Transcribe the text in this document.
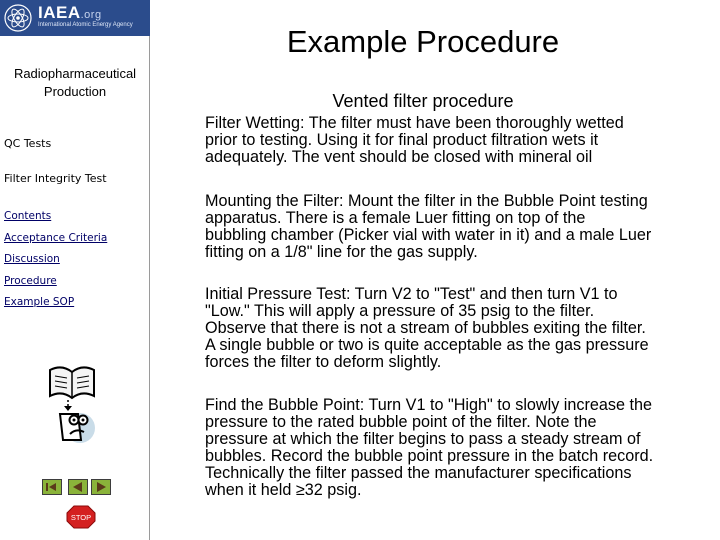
IAEA.org
International Atomic Energy Agency
Radiopharmaceutical
Production
QC Tests
Filter Integrity Test
Contents
Acceptance Criteria
Discussion
Procedure
Example SOP
STOP
Example Procedure
Vented filter procedure
Filter Wetting: The filter must have been thoroughly wetted
prior to testing. Using it for final product filtration wets it
adequately. The vent should be closed with mineral oil
Mounting the Filter: Mount the filter in the Bubble Point testing
apparatus. There is a female Luer fitting on top of the
bubbling chamber (Picker vial with water in it) and a male Luer
fitting on a 1/8" line for the gas supply.
Initial Pressure Test: Turn V2 to "Test" and then turn V1 to
"Low." This will apply a pressure of 35 psig to the filter.
Observe that there is not a stream of bubbles exiting the filter.
A single bubble or two is quite acceptable as the gas pressure
forces the filter to deform slightly.
Find the Bubble Point: Turn V1 to "High" to slowly increase the
pressure to the rated bubble point of the filter. Note the
pressure at which the filter begins to pass a steady stream of
bubbles. Record the bubble point pressure in the batch record.
Technically the filter passed the manufacturer specifications
when it held ≥32 psig.
